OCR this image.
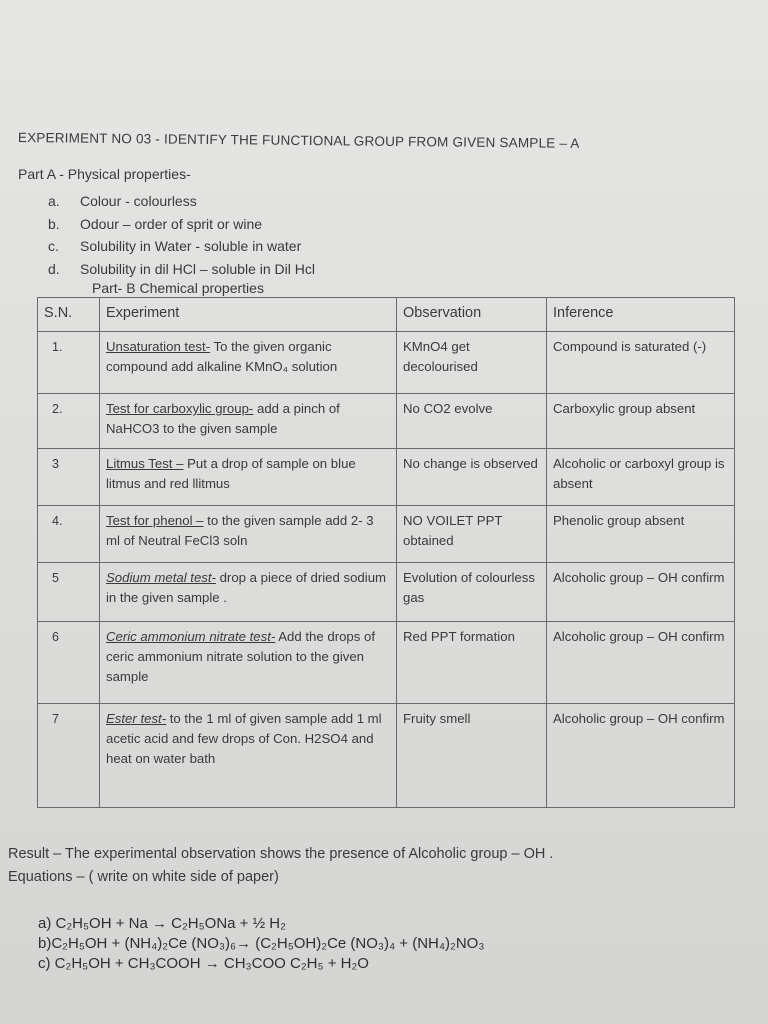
EXPERIMENT NO 03 - IDENTIFY THE FUNCTIONAL GROUP FROM GIVEN SAMPLE – A
Part A - Physical properties-
a.	Colour - colourless
b.	Odour – order of sprit or wine
c.	Solubility in Water - soluble in water
d.	Solubility in dil HCl – soluble in Dil Hcl
Part- B Chemical properties
S.N.	Experiment	Observation	Inference
1.	Unsaturation test- To the given organic compound add alkaline KMnO₄ solution	KMnO4 get decolourised	Compound is saturated (-)
2.	Test for carboxylic group- add a pinch of NaHCO3 to the given sample	No CO2 evolve	Carboxylic group absent
3	Litmus Test – Put a drop of sample on blue litmus and red llitmus	No change is observed	Alcoholic or carboxyl group is absent
4.	Test for phenol – to the given sample add 2- 3 ml of Neutral FeCl3 soln	NO VOILET PPT obtained	Phenolic group absent
5	Sodium metal test- drop a piece of dried sodium in the given sample .	Evolution of colourless gas	Alcoholic group – OH confirm
6	Ceric ammonium nitrate test- Add the drops of ceric ammonium nitrate solution to the given sample	Red PPT formation	Alcoholic group – OH confirm
7	Ester test- to the 1 ml of given sample add 1 ml acetic acid and few drops of Con. H2SO4 and heat on water bath	Fruity smell	Alcoholic group – OH confirm
Result – The experimental observation shows the presence of Alcoholic group – OH .
Equations – ( write on white side of paper)
a) C₂H₅OH + Na → C₂H₅ONa + ½ H₂
b)C₂H₅OH + (NH₄)₂Ce (NO₃)₆→ (C₂H₅OH)₂Ce (NO₃)₄ + (NH₄)₂NO₃
c) C₂H₅OH + CH₃COOH → CH₃COO C₂H₅ + H₂O
